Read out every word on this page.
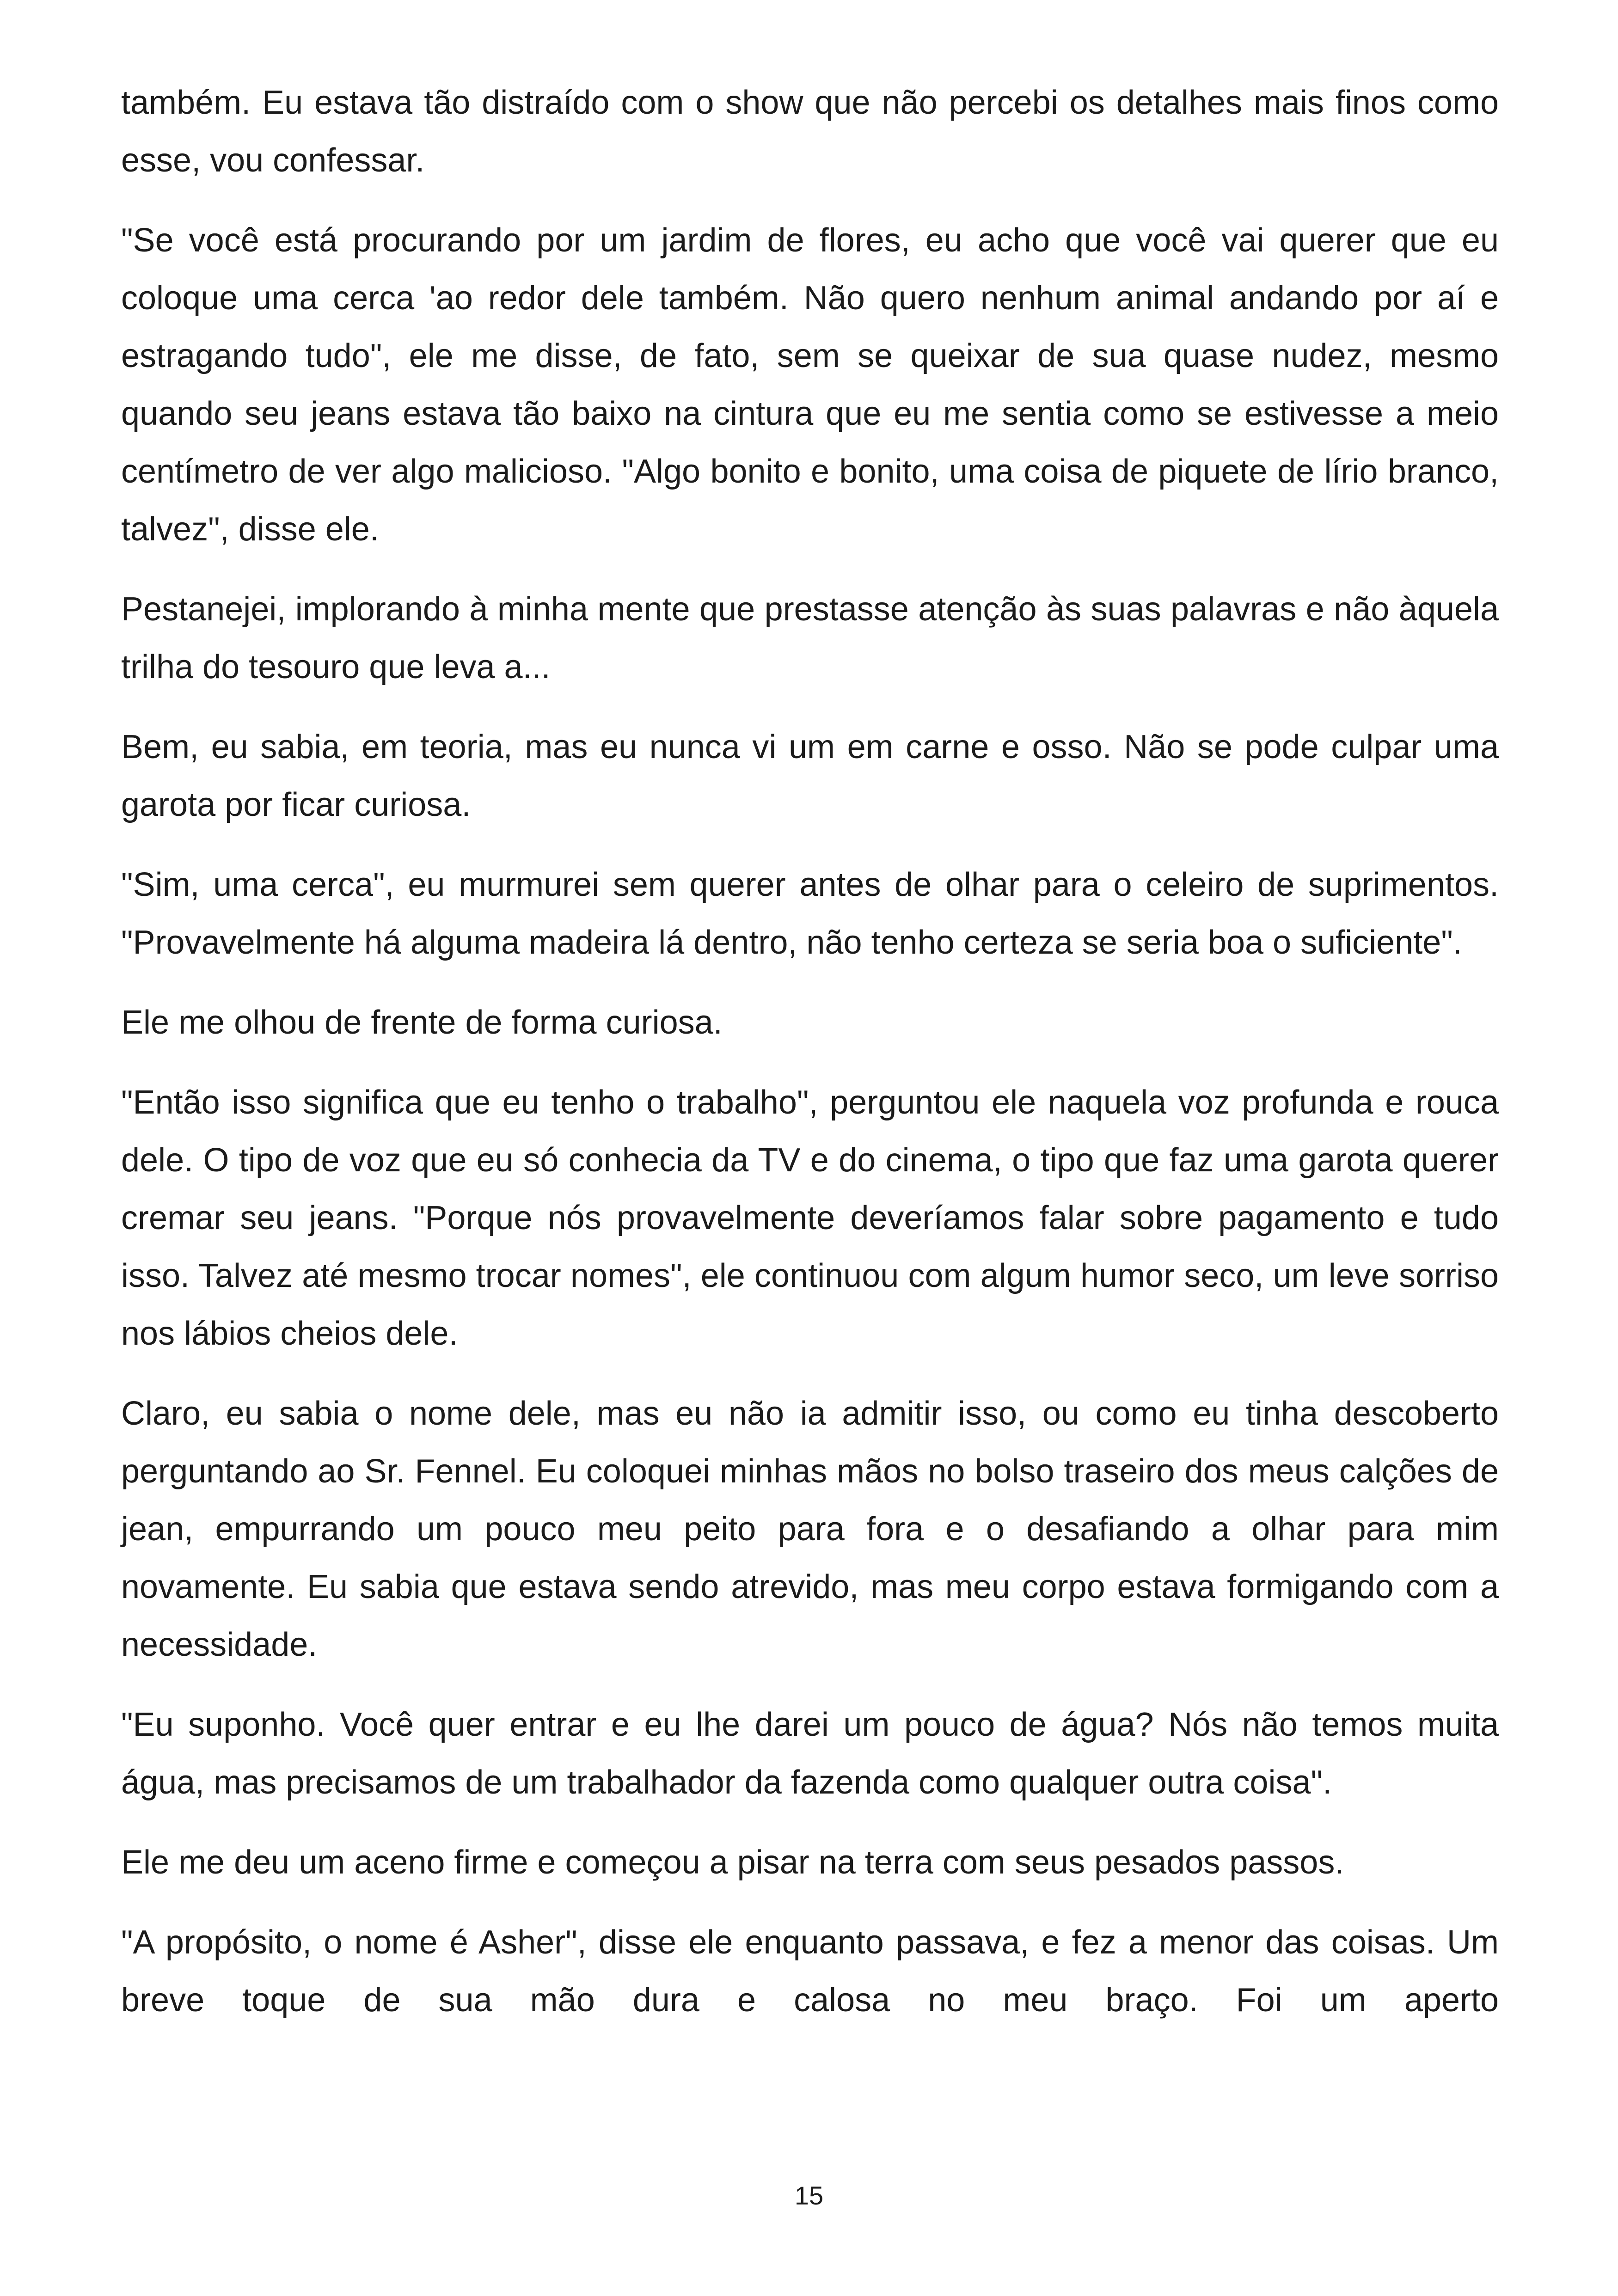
também. Eu estava tão distraído com o show que não percebi os detalhes mais finos como esse, vou confessar.

"Se você está procurando por um jardim de flores, eu acho que você vai querer que eu coloque uma cerca 'ao redor dele também. Não quero nenhum animal andando por aí e estragando tudo", ele me disse, de fato, sem se queixar de sua quase nudez, mesmo quando seu jeans estava tão baixo na cintura que eu me sentia como se estivesse a meio centímetro de ver algo malicioso. "Algo bonito e bonito, uma coisa de piquete de lírio branco, talvez", disse ele.

Pestanejei, implorando à minha mente que prestasse atenção às suas palavras e não àquela trilha do tesouro que leva a...

Bem, eu sabia, em teoria, mas eu nunca vi um em carne e osso. Não se pode culpar uma garota por ficar curiosa.

"Sim, uma cerca", eu murmurei sem querer antes de olhar para o celeiro de suprimentos. "Provavelmente há alguma madeira lá dentro, não tenho certeza se seria boa o suficiente".

Ele me olhou de frente de forma curiosa.

"Então isso significa que eu tenho o trabalho", perguntou ele naquela voz profunda e rouca dele. O tipo de voz que eu só conhecia da TV e do cinema, o tipo que faz uma garota querer cremar seu jeans. "Porque nós provavelmente deveríamos falar sobre pagamento e tudo isso. Talvez até mesmo trocar nomes", ele continuou com algum humor seco, um leve sorriso nos lábios cheios dele.

Claro, eu sabia o nome dele, mas eu não ia admitir isso, ou como eu tinha descoberto perguntando ao Sr. Fennel. Eu coloquei minhas mãos no bolso traseiro dos meus calções de jean, empurrando um pouco meu peito para fora e o desafiando a olhar para mim novamente. Eu sabia que estava sendo atrevido, mas meu corpo estava formigando com a necessidade.

"Eu suponho. Você quer entrar e eu lhe darei um pouco de água? Nós não temos muita água, mas precisamos de um trabalhador da fazenda como qualquer outra coisa".

Ele me deu um aceno firme e começou a pisar na terra com seus pesados passos.

"A propósito, o nome é Asher", disse ele enquanto passava, e fez a menor das coisas. Um breve toque de sua mão dura e calosa no meu braço. Foi um aperto

15
